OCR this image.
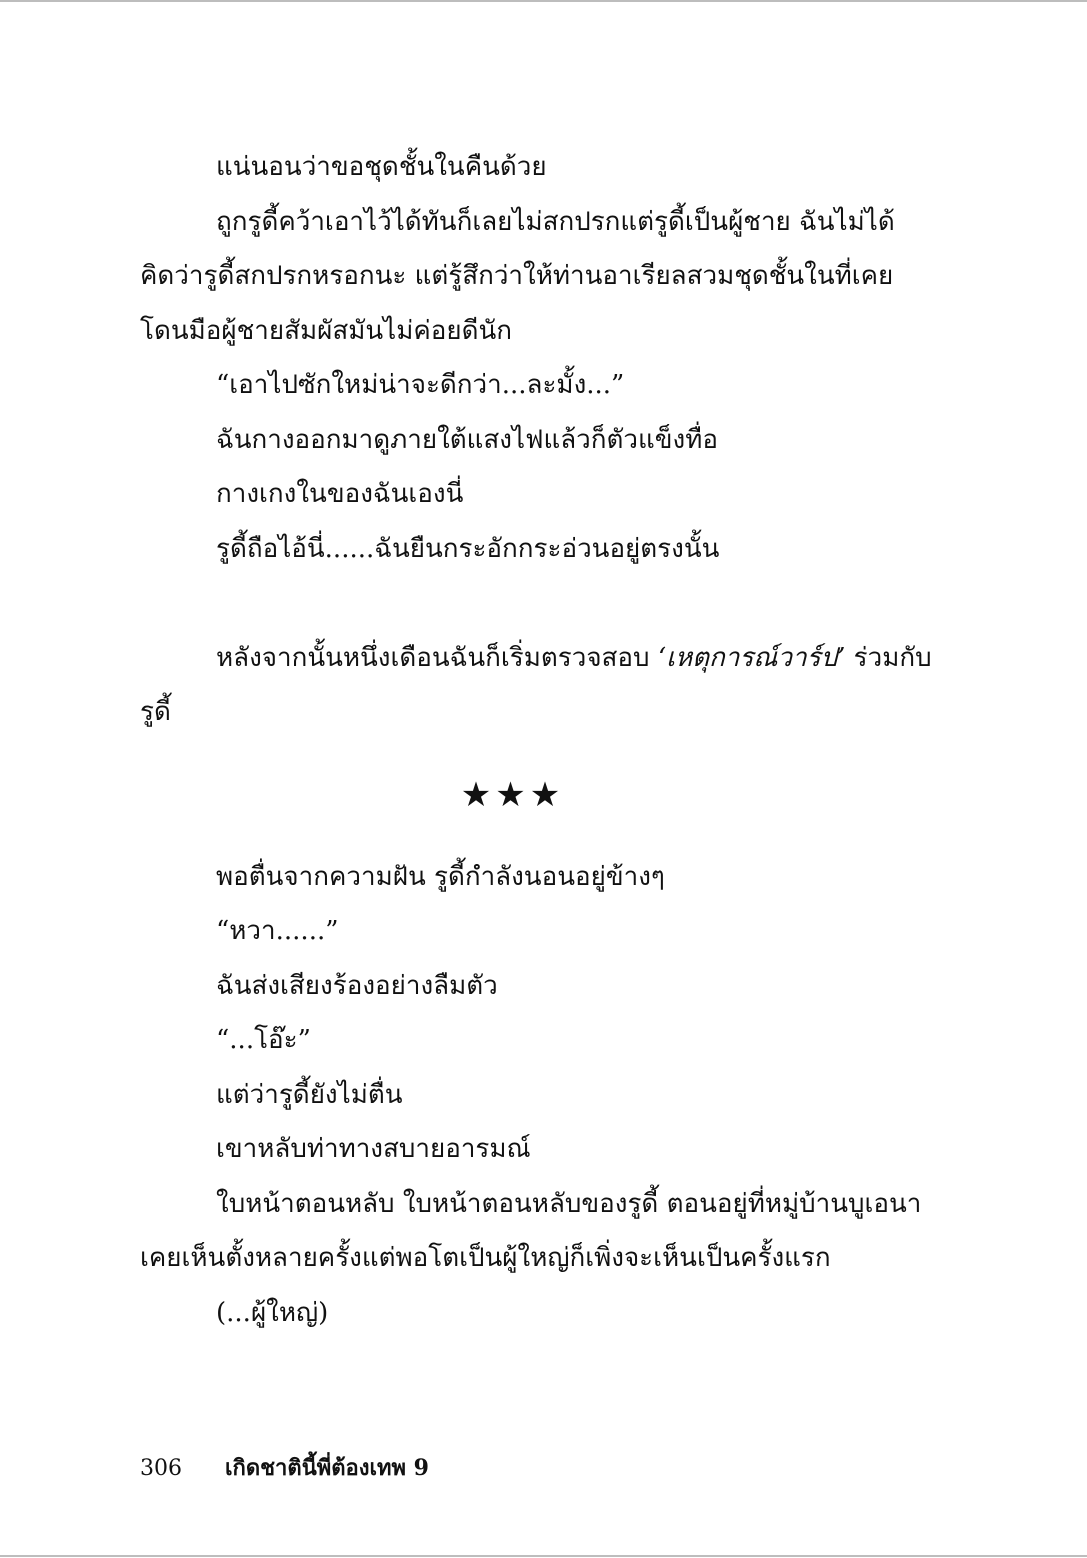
แน่นอนว่าขอชุดชั้นในคืนด้วย
ถูกรูดี้คว้าเอาไว้ได้ทันก็เลยไม่สกปรกแต่รูดี้เป็นผู้ชาย ฉันไม่ได้
คิดว่ารูดี้สกปรกหรอกนะ แต่รู้สึกว่าให้ท่านอาเรียลสวมชุดชั้นในที่เคย
โดนมือผู้ชายสัมผัสมันไม่ค่อยดีนัก
“เอาไปซักใหม่น่าจะดีกว่า...ละมั้ง...”
ฉันกางออกมาดูภายใต้แสงไฟแล้วก็ตัวแข็งทื่อ
กางเกงในของฉันเองนี่
รูดี้ถือไอ้นี่......ฉันยืนกระอักกระอ่วนอยู่ตรงนั้น
หลังจากนั้นหนึ่งเดือนฉันก็เริ่มตรวจสอบ ‘เหตุการณ์วาร์ป’ ร่วมกับ
รูดี้
★★★
พอตื่นจากความฝัน รูดี้กำลังนอนอยู่ข้างๆ
“หวา......”
ฉันส่งเสียงร้องอย่างลืมตัว
“...โอ๊ะ”
แต่ว่ารูดี้ยังไม่ตื่น
เขาหลับท่าทางสบายอารมณ์
ใบหน้าตอนหลับ ใบหน้าตอนหลับของรูดี้ ตอนอยู่ที่หมู่บ้านบูเอนา
เคยเห็นตั้งหลายครั้งแต่พอโตเป็นผู้ใหญ่ก็เพิ่งจะเห็นเป็นครั้งแรก
(...ผู้ใหญ่)
306 เกิดชาตินี้พี่ต้องเทพ 9
